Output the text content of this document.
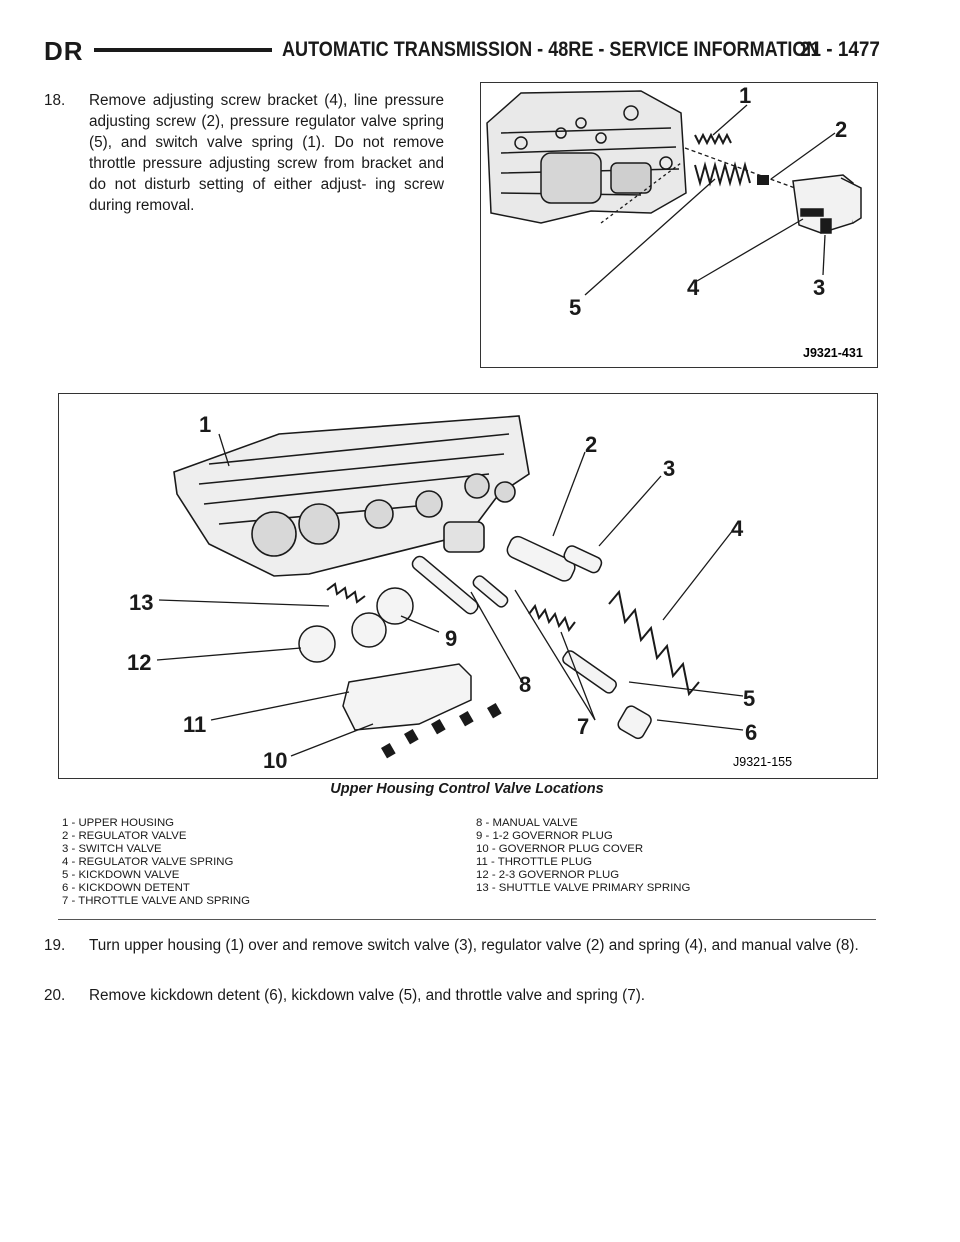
DR	AUTOMATIC TRANSMISSION - 48RE - SERVICE INFORMATION
21 - 1477
18. Remove adjusting screw bracket (4), line pressure adjusting screw (2), pressure regulator valve spring (5), and switch valve spring (1). Do not remove throttle pressure adjusting screw from bracket and do not disturb setting of either adjust- ing screw during removal.
1
2
3
4
5
J9321-431
1
2
3
4
5
6
7
8
9
10
11
12
13
J9321-155
Upper Housing Control Valve Locations
1 - UPPER HOUSING
2 - REGULATOR VALVE
3 - SWITCH VALVE
4 - REGULATOR VALVE SPRING
5 - KICKDOWN VALVE
6 - KICKDOWN DETENT
7 - THROTTLE VALVE AND SPRING
8 - MANUAL VALVE
9 - 1-2 GOVERNOR PLUG
10 - GOVERNOR PLUG COVER
11 - THROTTLE PLUG
12 - 2-3 GOVERNOR PLUG
13 - SHUTTLE VALVE PRIMARY SPRING
19. Turn upper housing (1) over and remove switch valve (3), regulator valve (2) and spring (4), and manual valve (8).
20. Remove kickdown detent (6), kickdown valve (5), and throttle valve and spring (7).
